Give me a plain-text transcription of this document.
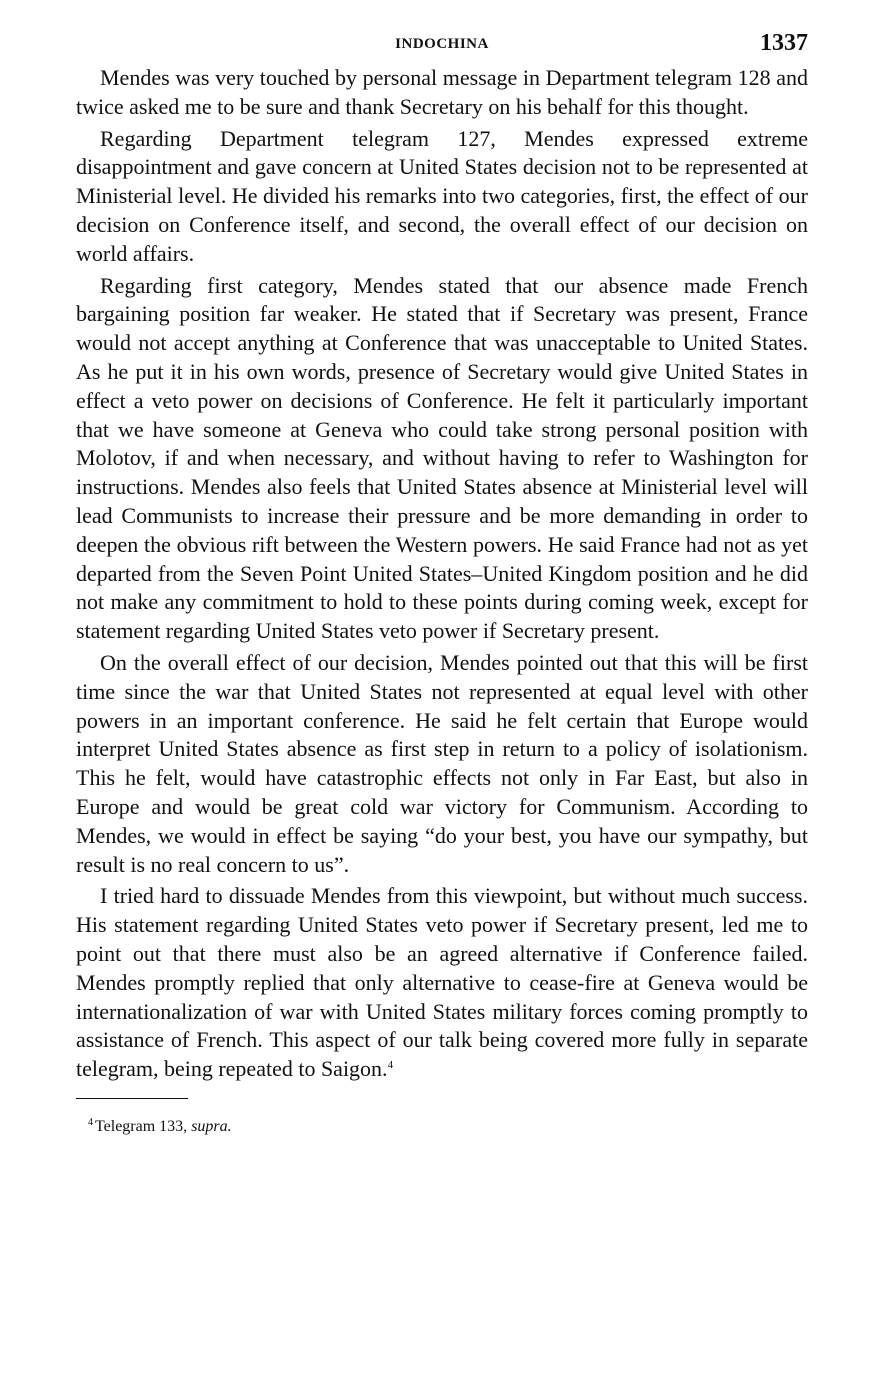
INDOCHINA	1337

Mendes was very touched by personal message in Department telegram 128 and twice asked me to be sure and thank Secretary on his behalf for this thought.

Regarding Department telegram 127, Mendes expressed extreme disappointment and gave concern at United States decision not to be represented at Ministerial level. He divided his remarks into two categories, first, the effect of our decision on Conference itself, and second, the overall effect of our decision on world affairs.

Regarding first category, Mendes stated that our absence made French bargaining position far weaker. He stated that if Secretary was present, France would not accept anything at Conference that was unacceptable to United States. As he put it in his own words, presence of Secretary would give United States in effect a veto power on decisions of Conference. He felt it particularly important that we have someone at Geneva who could take strong personal position with Molotov, if and when necessary, and without having to refer to Washington for instructions. Mendes also feels that United States absence at Ministerial level will lead Communists to increase their pressure and be more demanding in order to deepen the obvious rift between the Western powers. He said France had not as yet departed from the Seven Point United States–United Kingdom position and he did not make any commitment to hold to these points during coming week, except for statement regarding United States veto power if Secretary present.

On the overall effect of our decision, Mendes pointed out that this will be first time since the war that United States not represented at equal level with other powers in an important conference. He said he felt certain that Europe would interpret United States absence as first step in return to a policy of isolationism. This he felt, would have catastrophic effects not only in Far East, but also in Europe and would be great cold war victory for Communism. According to Mendes, we would in effect be saying “do your best, you have our sympathy, but result is no real concern to us”.

I tried hard to dissuade Mendes from this viewpoint, but without much success. His statement regarding United States veto power if Secretary present, led me to point out that there must also be an agreed alternative if Conference failed. Mendes promptly replied that only alternative to cease-fire at Geneva would be internationalization of war with United States military forces coming promptly to assistance of French. This aspect of our talk being covered more fully in separate telegram, being repeated to Saigon.$^4$

$^4$ Telegram 133, supra.
